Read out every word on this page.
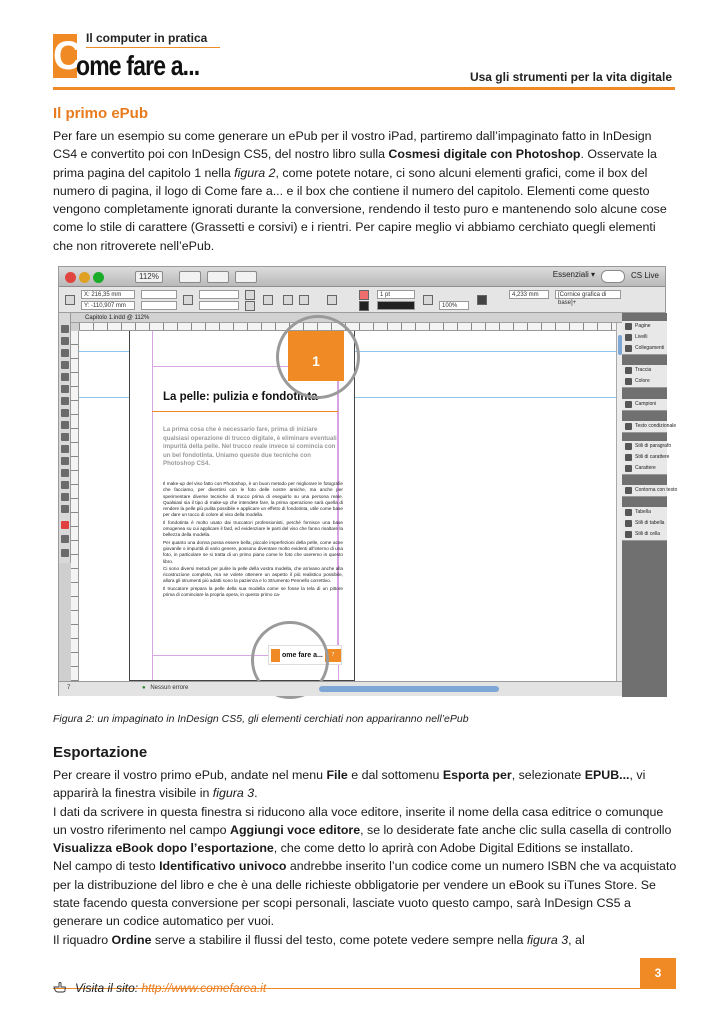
C Il computer in pratica
ome fare a...	Usa gli strumenti per la vita digitale
Il primo ePub

Per fare un esempio su come generare un ePub per il vostro iPad, partiremo dall’impaginato fatto in InDesign CS4 e convertito poi con InDesign CS5, del nostro libro sulla Cosmesi digitale con Photoshop. Osservate la prima pagina del capitolo 1 nella figura 2, come potete notare, ci sono alcuni elementi grafici, come il box del numero di pagina, il logo di Come fare a... e il box che contiene il numero del capitolo. Elementi come questo vengono completamente ignorati durante la conversione, rendendo il testo puro e mantenendo solo alcune cose come lo stile di carattere (Grassetti e corsivi) e i rientri. Per capire meglio vi abbiamo cerchiato quegli elementi che non ritroverete nell’ePub.

112%	Essenziali ▾	CS Live
X: 216,35 mm
Y: -110,907 mm
1 pt
100%
4,233 mm	[Cornice grafica di base]+
Capitolo 1.indd @ 112%
1
La pelle: pulizia e fondotinta
La prima cosa che è necessario fare, prima di iniziare qualsiasi operazione di trucco digitale, è eliminare eventuali impurità della pelle. Nel trucco reale invece si comincia con un bel fondotinta. Uniamo queste due tecniche con Photoshop CS4.

Il make-up del viso fatto con Photoshop, è un buon metodo per migliorare le fotografie che facciamo, per divertirsi con le foto delle nostre amiche, ma anche per sperimentare diverse tecniche di trucco prima di eseguirlo su una persona reale. Qualsiasi sia il tipo di make-up che intendete fare, la prima operazione sarà quella di rendere la pelle più pulita possibile e applicare un effetto di fondotinta, utile come base per dare un tocco di colore al viso della modella.

Il fondotinta è molto usato dai truccatori professionisti, perché fornisce una base omogenea su cui applicare il fard, ed evidenziare le parti del viso che fanno risaltare la bellezza della modella.

Per quanto una donna possa essere bella, piccole imperfezioni della pelle, come acne giovanile o impurità di vario genere, possono diventare molto evidenti all’interno di una foto, in particolare se si tratta di un primo piano come le foto che useremo in questo libro.

Ci sono diversi metodi per pulire la pelle della vostra modella, che arrivano anche alla ricostruzione completa, ma se volete ottenere un aspetto il più realistico possibile, allora gli strumenti più adatti sono la pazienza e lo Strumento Pennello correttivo.

Il truccatore prepara la pelle della sua modella come se fosse la tela di un pittore prima di cominciare la propria opera, in questo primo ca-

ome fare a...	7
7	● Nessun errore
Pagine
Livelli
Collegamenti
Traccia
Colore
Campioni
Testo condizionale
Stili di paragrafo
Stili di carattere
Carattere
Contorna con testo
Tabella
Stili di tabella
Stili di cella
Figura 2: un impaginato in InDesign CS5, gli elementi cerchiati non appariranno nell’ePub
Esportazione

Per creare il vostro primo ePub, andate nel menu File e dal sottomenu Esporta per, selezionate EPUB..., vi apparirà la finestra visibile in figura 3.
I dati da scrivere in questa finestra si riducono alla voce editore, inserite il nome della casa editrice o comunque un vostro riferimento nel campo Aggiungi voce editore, se lo desiderate fate anche clic sulla casella di controllo Visualizza eBook dopo l’esportazione, che come detto lo aprirà con Adobe Digital Editions se installato.
Nel campo di testo Identificativo univoco andrebbe inserito l’un codice come un numero ISBN che va acquistato per la distribuzione del libro e che è una delle richieste obbligatorie per vendere un eBook su iTunes Store. Se state facendo questa conversione per scopi personali, lasciate vuoto questo campo, sarà InDesign CS5 a generare un codice automatico per vuoi.
Il riquadro Ordine serve a stabilire il flussi del testo, come potete vedere sempre nella figura 3, al

3
Visita il sito: http://www.comefarea.it
